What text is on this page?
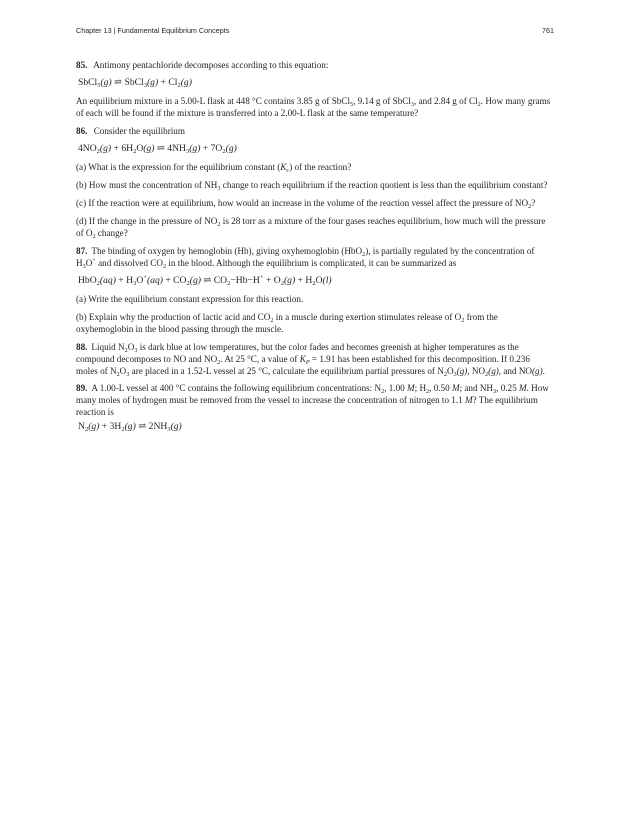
Chapter 13 | Fundamental Equilibrium Concepts	761
85. Antimony pentachloride decomposes according to this equation:
SbCl$_5$(g) ⇌ SbCl$_3$(g) + $Cl_2(g)$
An equilibrium mixture in a 5.00-L flask at 448 °C contains 3.85 g of SbCl$_5$, 9.14 g of SbCl$_3$, and 2.84 g of $Cl_2$. How many grams of each will be found if the mixture is transferred into a 2.00-L flask at the same temperature?
86. Consider the equilibrium
$4NO_2(g) + 6H_2O(g)$ ⇌ $4NH_3(g) + 7O_2(g)$
(a) What is the expression for the equilibrium constant $(K_c)$ of the reaction?
(b) How must the concentration of $NH_3$ change to reach equilibrium if the reaction quotient is less than the equilibrium constant?
(c) If the reaction were at equilibrium, how would an increase in the volume of the reaction vessel affect the pressure of $NO_2$?
(d) If the change in the pressure of $NO_2$ is 28 torr as a mixture of the four gases reaches equilibrium, how much will the pressure of $O_2$ change?
87. The binding of oxygen by hemoglobin (Hb), giving oxyhemoglobin (HbO$_2$), is partially regulated by the concentration of $H_3O^+$ and dissolved $CO_2$ in the blood. Although the equilibrium is complicated, it can be summarized as
$HbO_2(aq) + H_3O^+(aq) + CO_2(g)$ ⇌ $CO_2-Hb-H^+ + O_2(g) + H_2O(l)$
(a) Write the equilibrium constant expression for this reaction.
(b) Explain why the production of lactic acid and $CO_2$ in a muscle during exertion stimulates release of $O_2$ from the oxyhemoglobin in the blood passing through the muscle.
88. Liquid $N_2O_3$ is dark blue at low temperatures, but the color fades and becomes greenish at higher temperatures as the compound decomposes to NO and $NO_2$. At 25 °C, a value of $K_P = 1.91$ has been established for this decomposition. If 0.236 moles of $N_2O_3$ are placed in a 1.52-L vessel at 25 °C, calculate the equilibrium partial pressures of $N_2O_3(g)$, $NO_2(g)$, and NO(g).
89. A 1.00-L vessel at 400 °C contains the following equilibrium concentrations: $N_2$, 1.00 M; $H_2$, 0.50 M; and $NH_3$, 0.25 M. How many moles of hydrogen must be removed from the vessel to increase the concentration of nitrogen to 1.1 M? The equilibrium reaction is
$N_2(g) + 3H_2(g)$ ⇌ $2NH_3(g)$
